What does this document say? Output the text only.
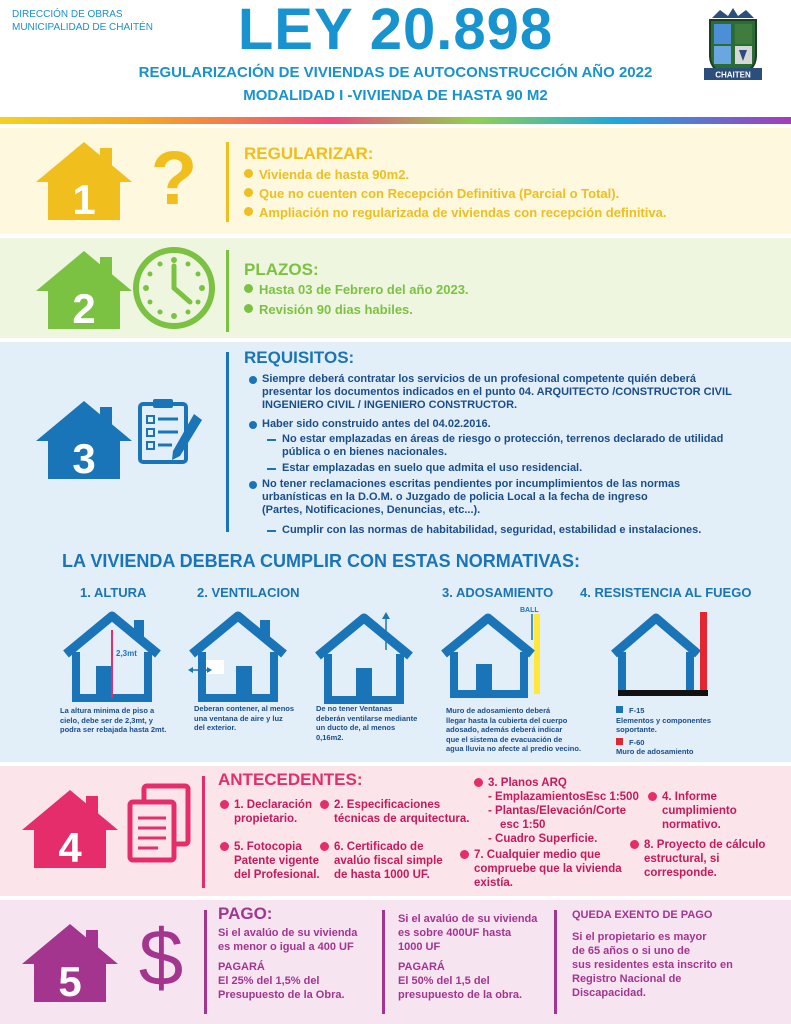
DIRECCIÓN DE OBRAS
MUNICIPALIDAD DE CHAITÉN	LEY 20.898
REGULARIZACIÓN DE VIVIENDAS DE AUTOCONSTRUCCIÓN AÑO 2022
MODALIDAD I -VIVIENDA DE HASTA 90 M2
CHAITEN
1 ?	REGULARIZAR:
Vivienda de hasta 90m2.
Que no cuenten con Recepción Definitiva (Parcial o Total).
Ampliación no regularizada de viviendas con recepción definitiva.
2
PLAZOS:
Hasta 03 de Febrero del año 2023.
Revisión 90 dias habiles.
3
REQUISITOS:
Siempre deberá contratar los servicios de un profesional competente quién deberá
presentar los documentos indicados en el punto 04. ARQUITECTO /CONSTRUCTOR CIVIL
INGENIERO CIVIL / INGENIERO CONSTRUCTOR.
Haber sido construido antes del 04.02.2016.
No estar emplazadas en áreas de riesgo o protección, terrenos declarado de utilidad
pública o en bienes nacionales.
Estar emplazadas en suelo que admita el uso residencial.
No tener reclamaciones escritas pendientes por incumplimientos de las normas
urbanísticas en la D.O.M. o Juzgado de policia Local a la fecha de ingreso
(Partes, Notificaciones, Denuncias, etc...).
Cumplir con las normas de habitabilidad, seguridad, estabilidad e instalaciones.
LA VIVIENDA DEBERA CUMPLIR CON ESTAS NORMATIVAS:
1. ALTURA	2. VENTILACION	3. ADOSAMIENTO 4. RESISTENCIA AL FUEGO
2,3mt
BALL
La altura minima de piso a
cielo, debe ser de 2,3mt, y
podra ser rebajada hasta 2mt.
Deberan contener, al menos
una ventana de aire y luz
del exterior.
De no tener Ventanas
deberán ventilarse mediante
un ducto de, al menos
0,16m2.
Muro de adosamiento deberá
llegar hasta la cubierta del cuerpo
adosado, además deberá indicar
que el sistema de evacuación de
agua lluvia no afecte al predio vecino.
F-15
Elementos y componentes
soportante.
F-60
Muro de adosamiento
4
ANTECEDENTES:
1. Declaración
propietario.
2. Especificaciones
técnicas de arquitectura.
3. Planos ARQ
- EmplazamientosEsc 1:500
- Plantas/Elevación/Corte
esc 1:50
- Cuadro Superficie.
4. Informe
cumplimiento
normativo.
5. Fotocopia
Patente vigente
del Profesional.
6. Certificado de
avalúo fiscal simple
de hasta 1000 UF.
7. Cualquier medio que
compruebe que la vivienda
existía.
8. Proyecto de cálculo
estructural, si
corresponde.
5 $	PAGO:
Si el avalúo de su vivienda
es menor o igual a 400 UF
PAGARÁ
El 25% del 1,5% del
Presupuesto de la Obra.
Si el avalúo de su vivienda
es sobre 400UF hasta
1000 UF
PAGARÁ
El 50% del 1,5 del
presupuesto de la obra.
QUEDA EXENTO DE PAGO
Si el propietario es mayor
de 65 años o si uno de
sus residentes esta inscrito en
Registro Nacional de
Discapacidad.
